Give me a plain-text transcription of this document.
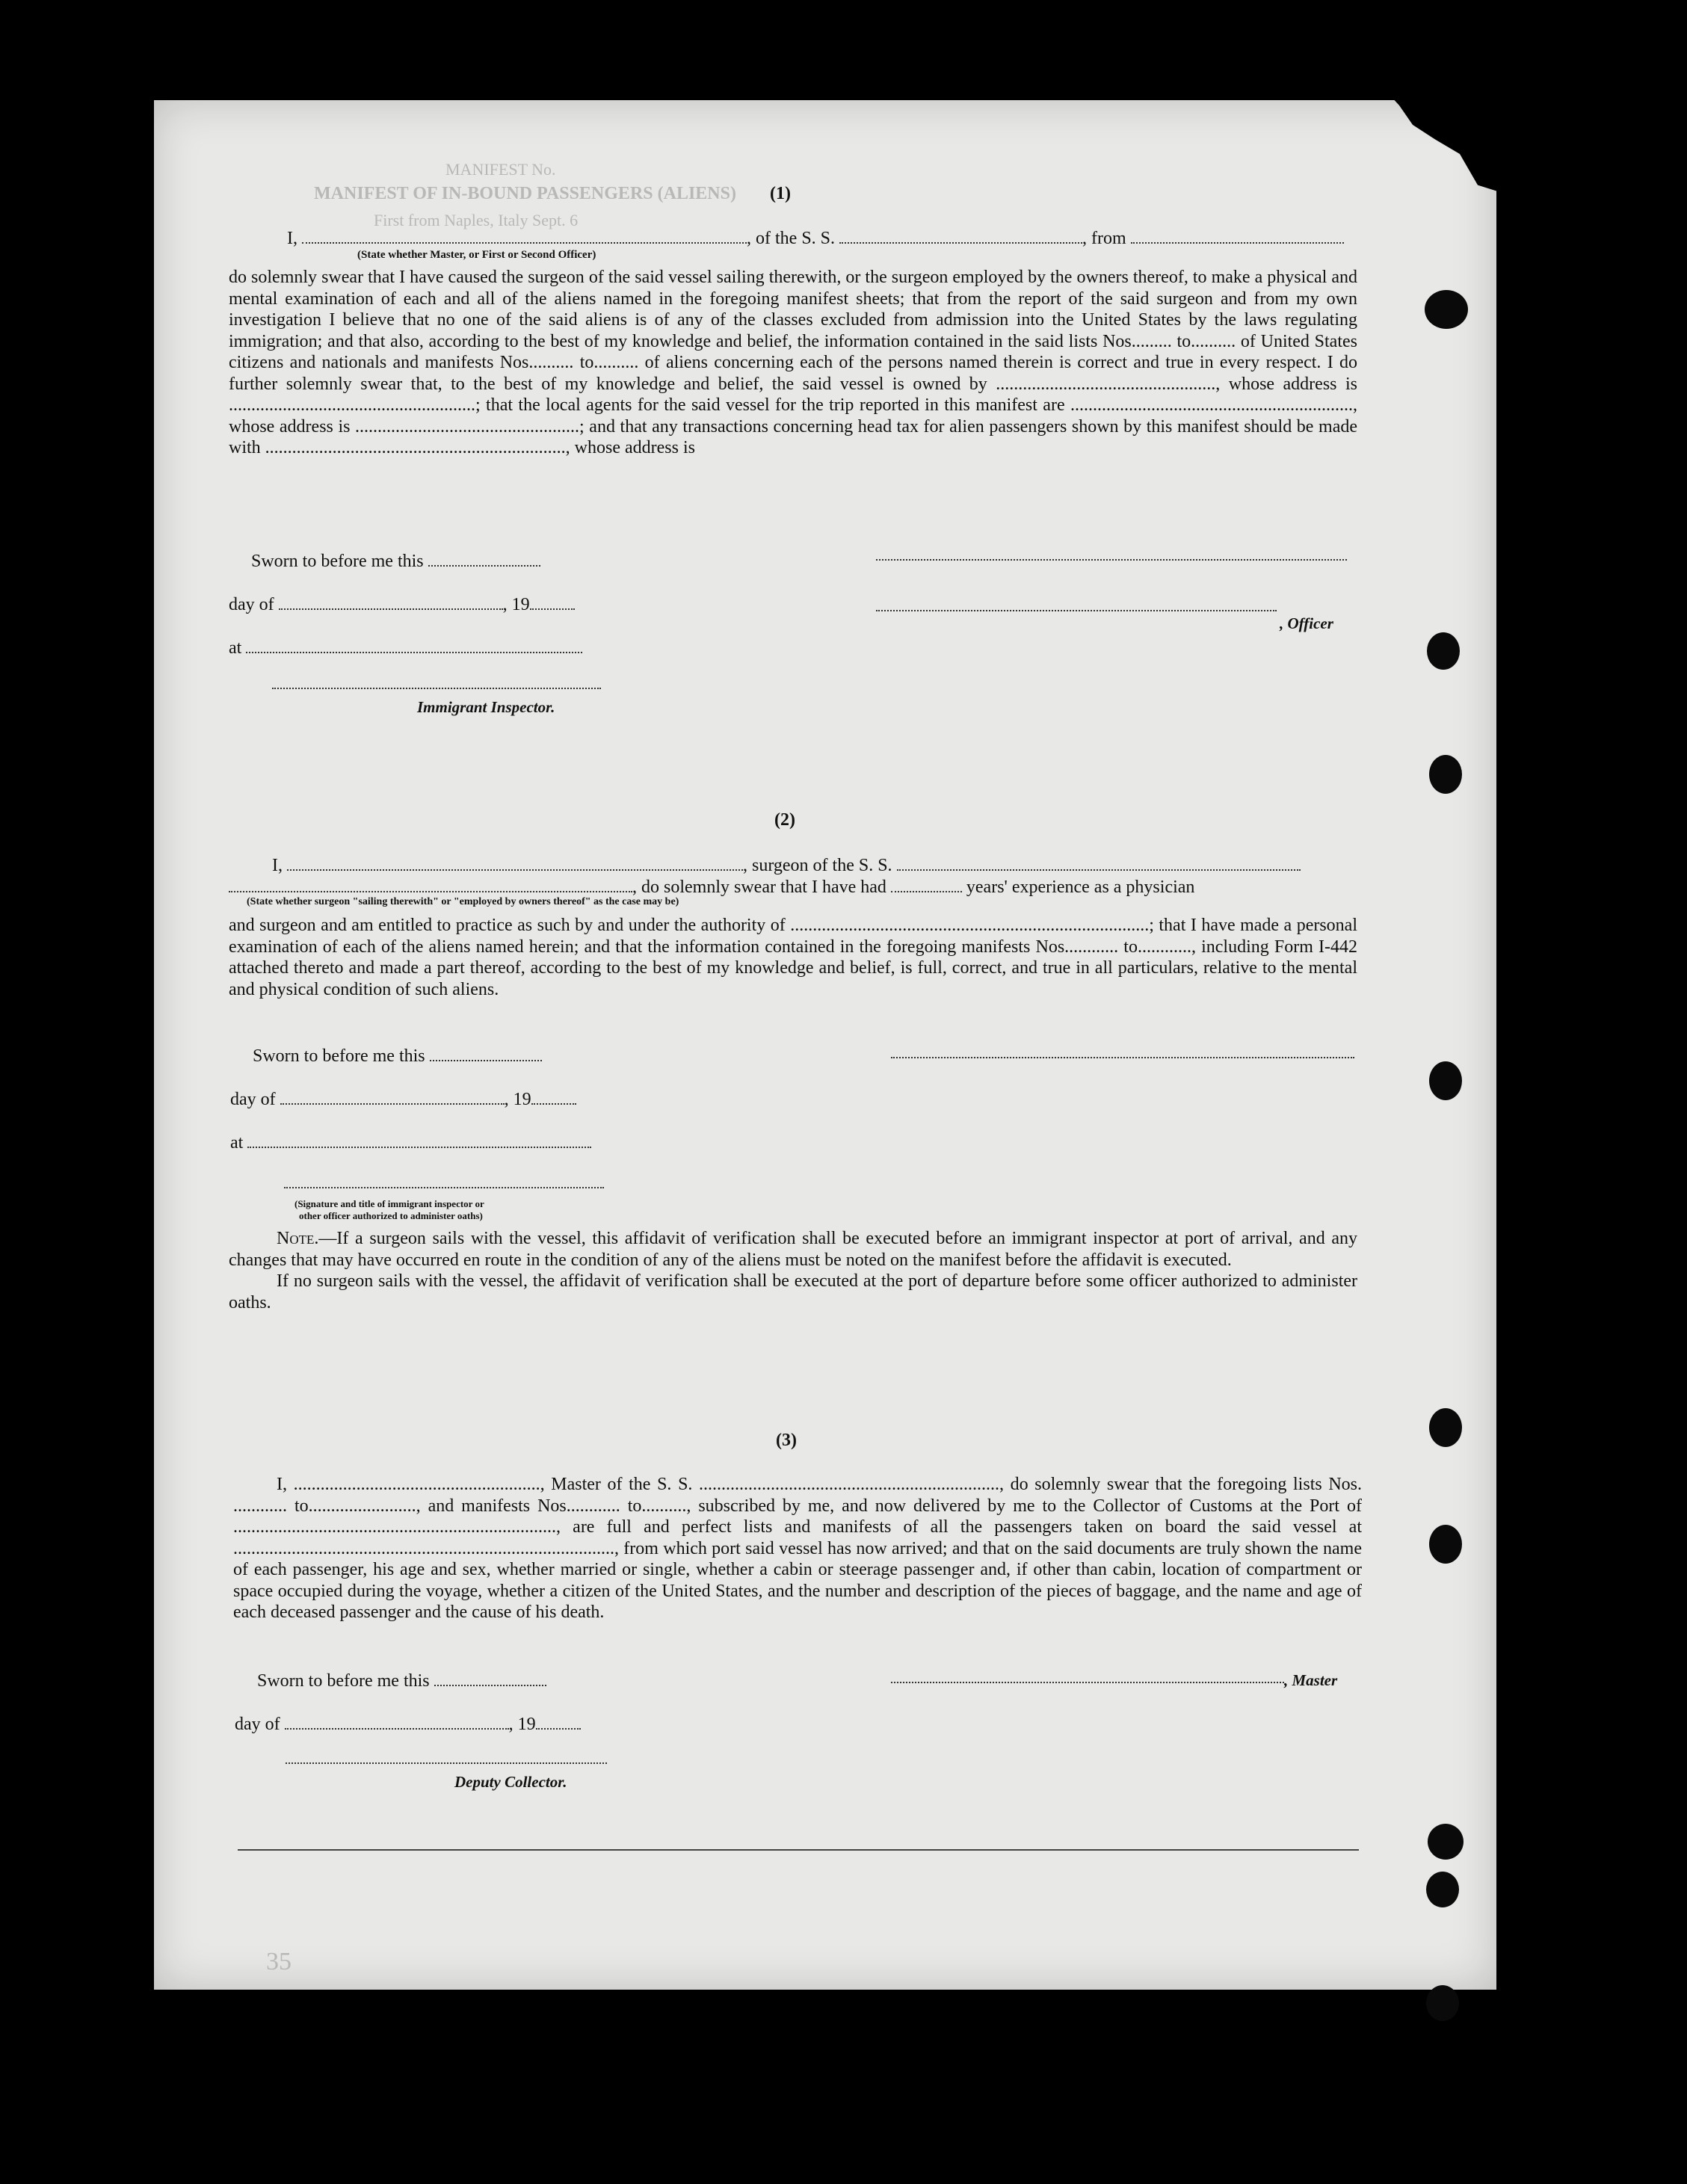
MANIFEST No.
MANIFEST OF IN-BOUND PASSENGERS (ALIENS)
First from Naples, Italy Sept. 6
(1)
I,	, of the S. S.	, from
(State whether Master, or First or Second Officer)

do solemnly swear that I have caused the surgeon of the said vessel sailing therewith, or the surgeon employed by the owners thereof, to make a physical and mental examination of each and all of the aliens named in the foregoing manifest sheets; that from the report of the said surgeon and from my own investigation I believe that no one of the said aliens is of any of the classes excluded from admission into the United States by the laws regulating immigration; and that also, according to the best of my knowledge and belief, the information contained in the said lists Nos......... to.......... of United States citizens and nationals and manifests Nos.......... to.......... of aliens concerning each of the persons named therein is correct and true in every respect. I do further solemnly swear that, to the best of my knowledge and belief, the said vessel is owned by ................................................., whose address is .......................................................; that the local agents for the said vessel for the trip reported in this manifest are ..............................................................., whose address is ..................................................; and that any transactions concerning head tax for alien passengers shown by this manifest should be made with ..................................................................., whose address is

Sworn to before me this
day of	, 19
at
Immigrant Inspector.
, Officer
(2)
I,	, surgeon of the S. S.
, do solemnly swear that I have had	years' experience as a physician
(State whether surgeon "sailing therewith" or "employed by owners thereof" as the case may be)

and surgeon and am entitled to practice as such by and under the authority of ................................................................................; that I have made a personal examination of each of the aliens named herein; and that the information contained in the foregoing manifests Nos............ to............, including Form I-442 attached thereto and made a part thereof, according to the best of my knowledge and belief, is full, correct, and true in all particulars, relative to the mental and physical condition of such aliens.

Sworn to before me this
day of	, 19
at
(Signature and title of immigrant inspector or
other officer authorized to administer oaths)

Note.—If a surgeon sails with the vessel, this affidavit of verification shall be executed before an immigrant inspector at port of arrival, and any changes that may have occurred en route in the condition of any of the aliens must be noted on the manifest before the affidavit is executed.

If no surgeon sails with the vessel, the affidavit of verification shall be executed at the port of departure before some officer authorized to administer oaths.

(3)

I, ......................................................., Master of the S. S. ..................................................................., do solemnly swear that the foregoing lists Nos. ............ to........................, and manifests Nos............ to.........., subscribed by me, and now delivered by me to the Collector of Customs at the Port of ........................................................................, are full and perfect lists and manifests of all the passengers taken on board the said vessel at ....................................................................................., from which port said vessel has now arrived; and that on the said documents are truly shown the name of each passenger, his age and sex, whether married or single, whether a cabin or steerage passenger and, if other than cabin, location of compartment or space occupied during the voyage, whether a citizen of the United States, and the number and description of the pieces of baggage, and the name and age of each deceased passenger and the cause of his death.

Sworn to before me this	, Master
day of	, 19
Deputy Collector.
35
